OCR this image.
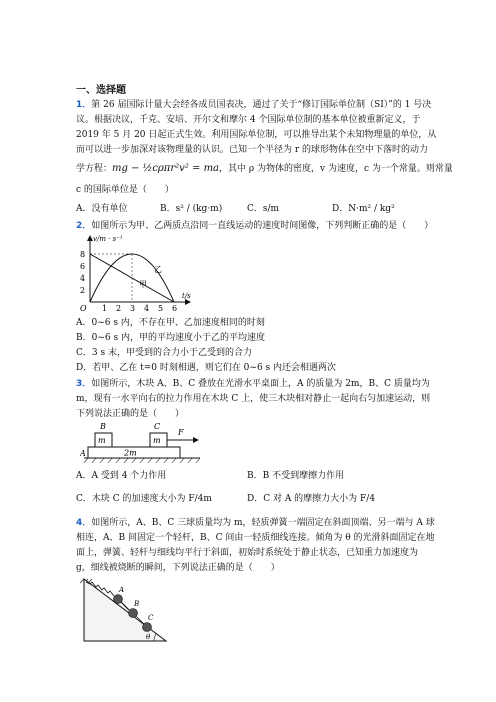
一、选择题
1．第 26 届国际计量大会经各成员国表决，通过了关于“修订国际单位制（SI）”的 1 号决
议。根据决议，千克、安培、开尔文和摩尔 4 个国际单位制的基本单位被重新定义，于
2019 年 5 月 20 日起正式生效。利用国际单位制，可以推导出某个未知物理量的单位，从
而可以进一步加深对该物理量的认识。已知一个半径为 r 的球形物体在空中下落时的动力
学方程：mg − ½cρπr²v² = ma，其中 ρ 为物体的密度，v 为速度，c 为一个常量。则常量
c 的国际单位是（　　）
A．没有单位	B．s² / (kg·m)	C．s/m	D．N·m² / kg²
2．如图所示为甲、乙两质点沿同一直线运动的速度时间图像，下列判断正确的是（　　）
8
6
4
2
1 2 3 4 5 6
O
v/m · s⁻¹
t/s
乙
甲
A．0~6 s 内，不存在甲、乙加速度相同的时刻
B．0~6 s 内，甲的平均速度小于乙的平均速度
C．3 s 末，甲受到的合力小于乙受到的合力
D．若甲、乙在 t=0 时刻相遇，则它们在 0~6 s 内还会相遇两次
3．如图所示，木块 A、B、C 叠放在光滑水平桌面上，A 的质量为 2m，B、C 质量均为
m，现有一水平向右的拉力作用在木块 C 上，使三木块相对静止一起向右匀加速运动，则
下列说法正确的是（　　）
2m
A
m
B
m
C
F
A．A 受到 4 个力作用	B．B 不受到摩擦力作用
C．木块 C 的加速度大小为 F/4m	D．C 对 A 的摩擦力大小为 F/4
4．如图所示，A、B、C 三球质量均为 m，轻质弹簧一端固定在斜面顶端、另一端与 A 球
相连，A、B 间固定一个轻杆，B、C 间由一轻质细线连接。倾角为 θ 的光滑斜面固定在地
面上，弹簧、轻杆与细线均平行于斜面，初始时系统处于静止状态，已知重力加速度为
g，细线被烧断的瞬间，下列说法正确的是（　　）
A
B
C
θ
